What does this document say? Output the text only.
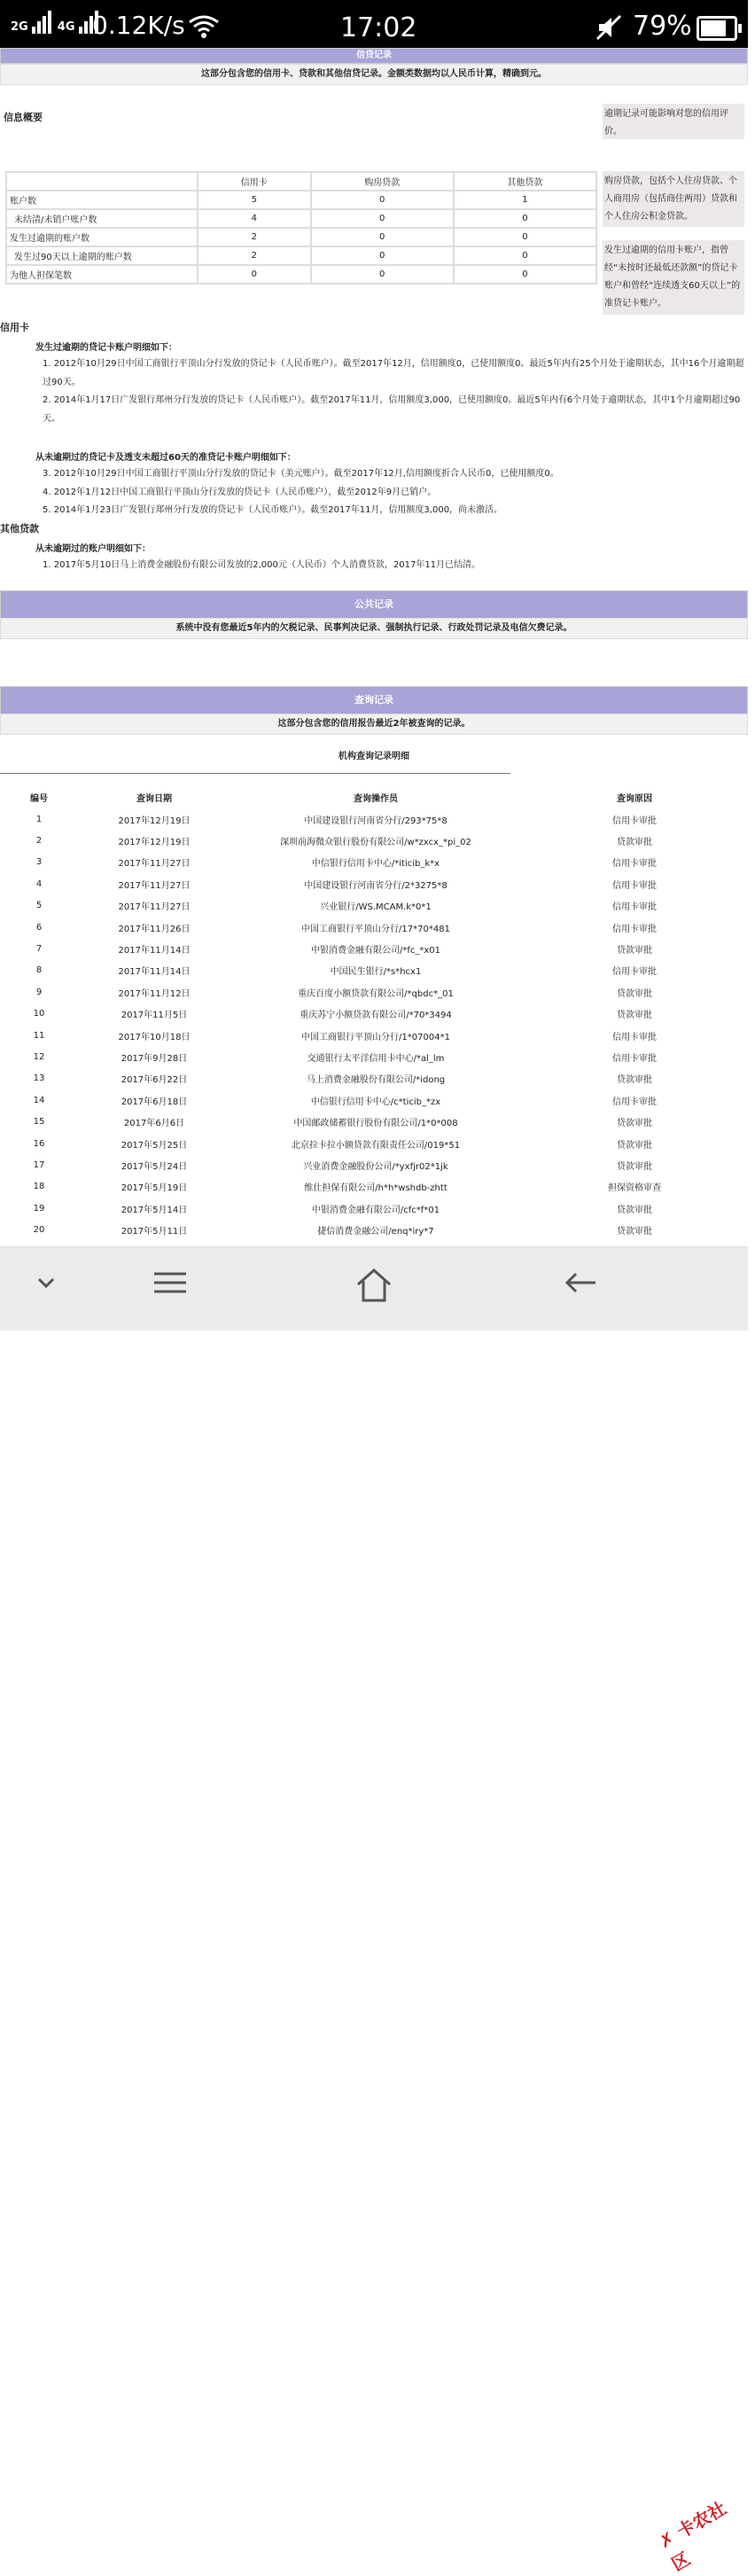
2G	4G 0.12K/s	17:02	79%
信贷记录
这部分包含您的信用卡、贷款和其他信贷记录。金额类数据均以人民币计算，精确到元。
信息概要	逾期记录可能影响对您的信用评价。
购房贷款，包括个人住房贷款、个人商用房（包括商住两用）贷款和个人住房公积金贷款。
发生过逾期的信用卡账户，指曾经“未按时还最低还款额”的贷记卡账户和曾经“连续透支60天以上”的准贷记卡账户。
	信用卡	购房贷款	其他贷款
账户数	5	0	1
未结清/未销户账户数	4	0	0
发生过逾期的账户数	2	0	0
发生过90天以上逾期的账户数	2	0	0
为他人担保笔数	0	0	0
信用卡
发生过逾期的贷记卡账户明细如下：
1. 2012年10月29日中国工商银行平顶山分行发放的贷记卡（人民币账户）。截至2017年12月，信用额度0，已使用额度0。最近5年内有25个月处于逾期状态，其中16个月逾期超过90天。
2. 2014年1月17日广发银行郑州分行发放的贷记卡（人民币账户）。截至2017年11月，信用额度3,000，已使用额度0。最近5年内有6个月处于逾期状态，其中1个月逾期超过90天。
从未逾期过的贷记卡及透支未超过60天的准贷记卡账户明细如下：
3. 2012年10月29日中国工商银行平顶山分行发放的贷记卡（美元账户）。截至2017年12月,信用额度折合人民币0，已使用额度0。
4. 2012年1月12日中国工商银行平顶山分行发放的贷记卡（人民币账户），截至2012年9月已销户。
5. 2014年1月23日广发银行郑州分行发放的贷记卡（人民币账户）。截至2017年11月，信用额度3,000，尚未激活。
其他贷款
从未逾期过的账户明细如下：
1. 2017年5月10日马上消费金融股份有限公司发放的2,000元（人民币）个人消费贷款，2017年11月已结清。
公共记录
系统中没有您最近5年内的欠税记录、民事判决记录、强制执行记录、行政处罚记录及电信欠费记录。
查询记录
这部分包含您的信用报告最近2年被查询的记录。
机构查询记录明细
编号	查询日期	查询操作员	查询原因
1	2017年12月19日	中国建设银行河南省分行/293*75*8	信用卡审批
2	2017年12月19日	深圳前海微众银行股份有限公司/w*zxcx_*pi_02	贷款审批
3	2017年11月27日	中信银行信用卡中心/*iticib_k*x	信用卡审批
4	2017年11月27日	中国建设银行河南省分行/2*3275*8	信用卡审批
5	2017年11月27日	兴业银行/WS.MCAM.k*0*1	信用卡审批
6	2017年11月26日	中国工商银行平顶山分行/17*70*481	信用卡审批
7	2017年11月14日	中银消费金融有限公司/*fc_*x01	贷款审批
8	2017年11月14日	中国民生银行/*s*hcx1	信用卡审批
9	2017年11月12日	重庆百度小额贷款有限公司/*qbdc*_01	贷款审批
10	2017年11月5日	重庆苏宁小额贷款有限公司/*70*3494	贷款审批
11	2017年10月18日	中国工商银行平顶山分行/1*07004*1	信用卡审批
12	2017年9月28日	交通银行太平洋信用卡中心/*al_lm	信用卡审批
13	2017年6月22日	马上消费金融股份有限公司/*idong	贷款审批
14	2017年6月18日	中信银行信用卡中心/c*ticib_*zx	信用卡审批
15	2017年6月6日	中国邮政储蓄银行股份有限公司/1*0*008	贷款审批
16	2017年5月25日	北京拉卡拉小额贷款有限责任公司/019*51	贷款审批
17	2017年5月24日	兴业消费金融股份公司/*yxfjr02*1jk	贷款审批
18	2017年5月19日	维仕担保有限公司/h*h*wshdb-zhtt	担保资格审查
19	2017年5月14日	中银消费金融有限公司/cfc*f*01	贷款审批
20	2017年5月11日	捷信消费金融公司/enq*iry*7	贷款审批

✗ 卡农社区
